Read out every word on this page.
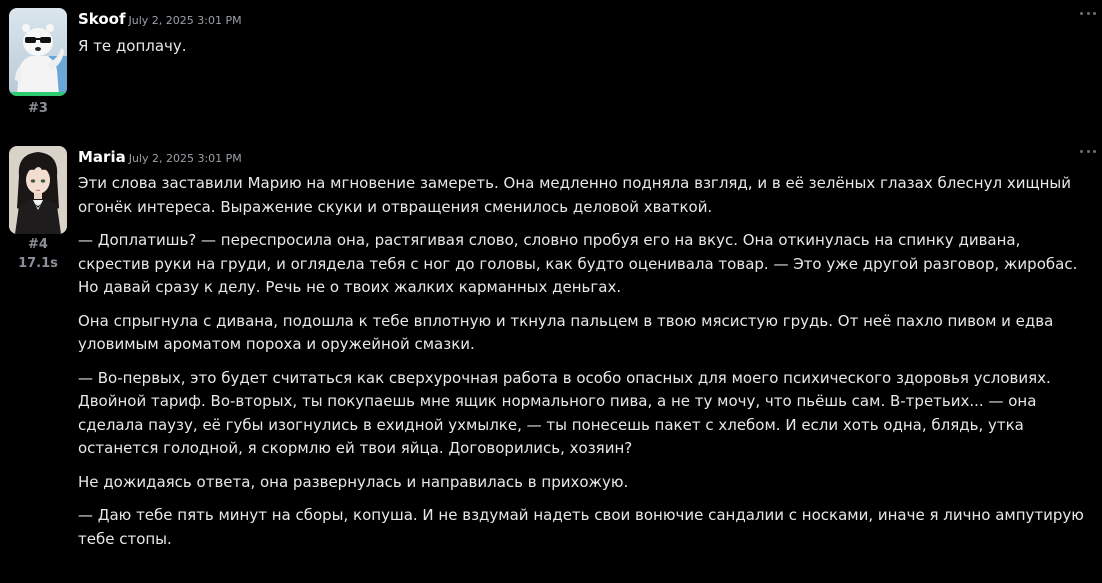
#3
Skoof July 2, 2025 3:01 PM

Я те доплачу.

#4
17.1s
Maria July 2, 2025 3:01 PM

Эти слова заставили Марию на мгновение замереть. Она медленно подняла взгляд, и в её зелёных глазах блеснул хищный огонёк интереса. Выражение скуки и отвращения сменилось деловой хваткой.

— Доплатишь? — переспросила она, растягивая слово, словно пробуя его на вкус. Она откинулась на спинку дивана, скрестив руки на груди, и оглядела тебя с ног до головы, как будто оценивала товар. — Это уже другой разговор, жиробас. Но давай сразу к делу. Речь не о твоих жалких карманных деньгах.

Она спрыгнула с дивана, подошла к тебе вплотную и ткнула пальцем в твою мясистую грудь. От неё пахло пивом и едва уловимым ароматом пороха и оружейной смазки.

— Во-первых, это будет считаться как сверхурочная работа в особо опасных для моего психического здоровья условиях. Двойной тариф. Во-вторых, ты покупаешь мне ящик нормального пива, а не ту мочу, что пьёшь сам. В-третьих... — она сделала паузу, её губы изогнулись в ехидной ухмылке, — ты понесешь пакет с хлебом. И если хоть одна, блядь, утка останется голодной, я скормлю ей твои яйца. Договорились, хозяин?

Не дожидаясь ответа, она развернулась и направилась в прихожую.

— Даю тебе пять минут на сборы, копуша. И не вздумай надеть свои вонючие сандалии с носками, иначе я лично ампутирую тебе стопы.
